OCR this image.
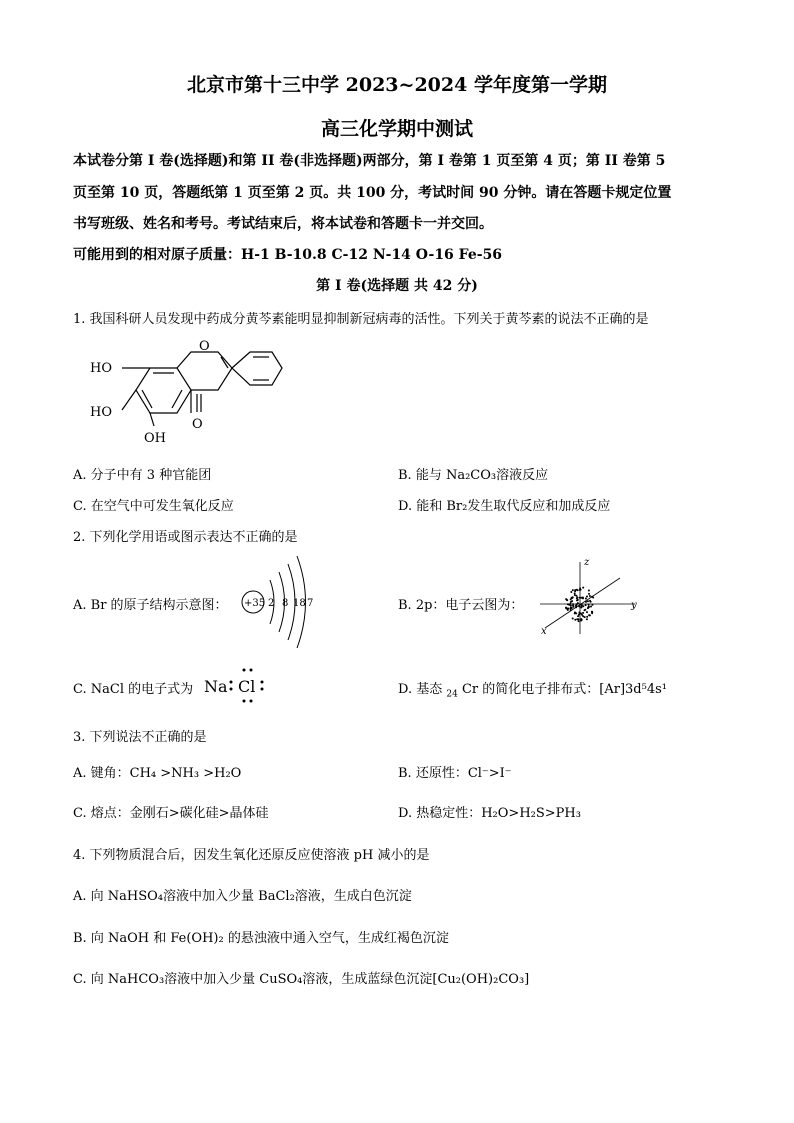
北京市第十三中学 2023~2024 学年度第一学期
高三化学期中测试
本试卷分第 I 卷(选择题)和第 II 卷(非选择题)两部分，第 I 卷第 1 页至第 4 页；第 II 卷第 5
页至第 10 页，答题纸第 1 页至第 2 页。共 100 分，考试时间 90 分钟。请在答题卡规定位置
书写班级、姓名和考号。考试结束后，将本试卷和答题卡一并交回。
可能用到的相对原子质量：H-1 B-10.8 C-12 N-14 O-16 Fe-56
第 I 卷(选择题 共 42 分)
1. 我国科研人员发现中药成分黄芩素能明显抑制新冠病毒的活性。下列关于黄芩素的说法不正确的是
HO
HO
OH
O
O
A. 分子中有 3 种官能团	B. 能与 Na₂CO₃溶液反应
C. 在空气中可发生氧化反应	D. 能和 Br₂发生取代反应和加成反应
2. 下列化学用语或图示表达不正确的是
A. Br 的原子结构示意图： +35 2 8 18 7	B. 2p：电子云图为：
z
y
x
C. NaCl 的电子式为 Na Cl	D. 基态 $_{24}$ Cr 的简化电子排布式：[Ar]3d⁵4s¹
3. 下列说法不正确的是
A. 键角：CH₄ >NH₃ >H₂O	B. 还原性：Cl⁻>I⁻
C. 熔点：金刚石>碳化硅>晶体硅	D. 热稳定性：H₂O>H₂S>PH₃
4. 下列物质混合后，因发生氧化还原反应使溶液 pH 减小的是
A. 向 NaHSO₄溶液中加入少量 BaCl₂溶液，生成白色沉淀
B. 向 NaOH 和 Fe(OH)₂ 的悬浊液中通入空气，生成红褐色沉淀
C. 向 NaHCO₃溶液中加入少量 CuSO₄溶液，生成蓝绿色沉淀[Cu₂(OH)₂CO₃]
